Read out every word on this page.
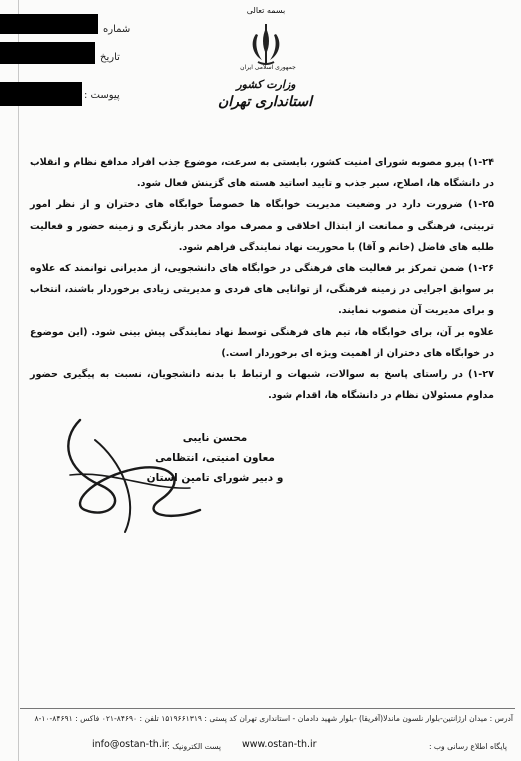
شماره
تاریخ
پیوست :
بسمه تعالی
جمهوری اسلامی ایران
وزارت کشور
استانداری تهران

۱-۲۴) پیرو مصوبه شورای امنیت کشور، بایستی به سرعت، موضوع جذب افراد مدافع نظام و انقلاب در دانشگاه ها، اصلاح، سیر جذب و تایید اساتید هسته های گزینش فعال شود.

۱-۲۵) ضرورت دارد در وضعیت مدیریت خوابگاه ها خصوصاً خوابگاه های دختران و از نظر امور تربیتی، فرهنگی و ممانعت از ابتذال اخلاقی و مصرف مواد مخدر بازنگری و زمینه حضور و فعالیت طلبه های فاضل (خانم و آقا) با محوریت نهاد نمایندگی فراهم شود.

۱-۲۶) ضمن تمرکز بر فعالیت های فرهنگی در خوابگاه های دانشجویی، از مدیرانی توانمند که علاوه بر سوابق اجرایی در زمینه فرهنگی، از توانایی های فردی و مدیریتی زیادی برخوردار باشند، انتخاب و برای مدیریت آن منصوب نمایند.

علاوه بر آن، برای خوابگاه ها، تیم های فرهنگی توسط نهاد نمایندگی پیش بینی شود. (این موضوع در خوابگاه های دختران از اهمیت ویژه ای برخوردار است.)

۱-۲۷) در راستای پاسخ به سوالات، شبهات و ارتباط با بدنه دانشجویان، نسبت به پیگیری حضور مداوم مسئولان نظام در دانشگاه ها، اقدام شود.

محسن نایبی
معاون امنیتی، انتظامی
و دبیر شورای تامین استان
آدرس : میدان ارژانتین-بلوار نلسون ماندلا(آفریقا) -بلوار شهید دادمان - استانداری تهران کد پستی : ۱۵۱۹۶۶۱۳۱۹ تلفن : ۸۴۶۹۰-۰۲۱ فاکس : ۸۴۶۹۱-۱۰-۸
پایگاه اطلاع رسانی وب :
www.ostan-th.ir
پست الکترونیک :
info@ostan-th.ir
